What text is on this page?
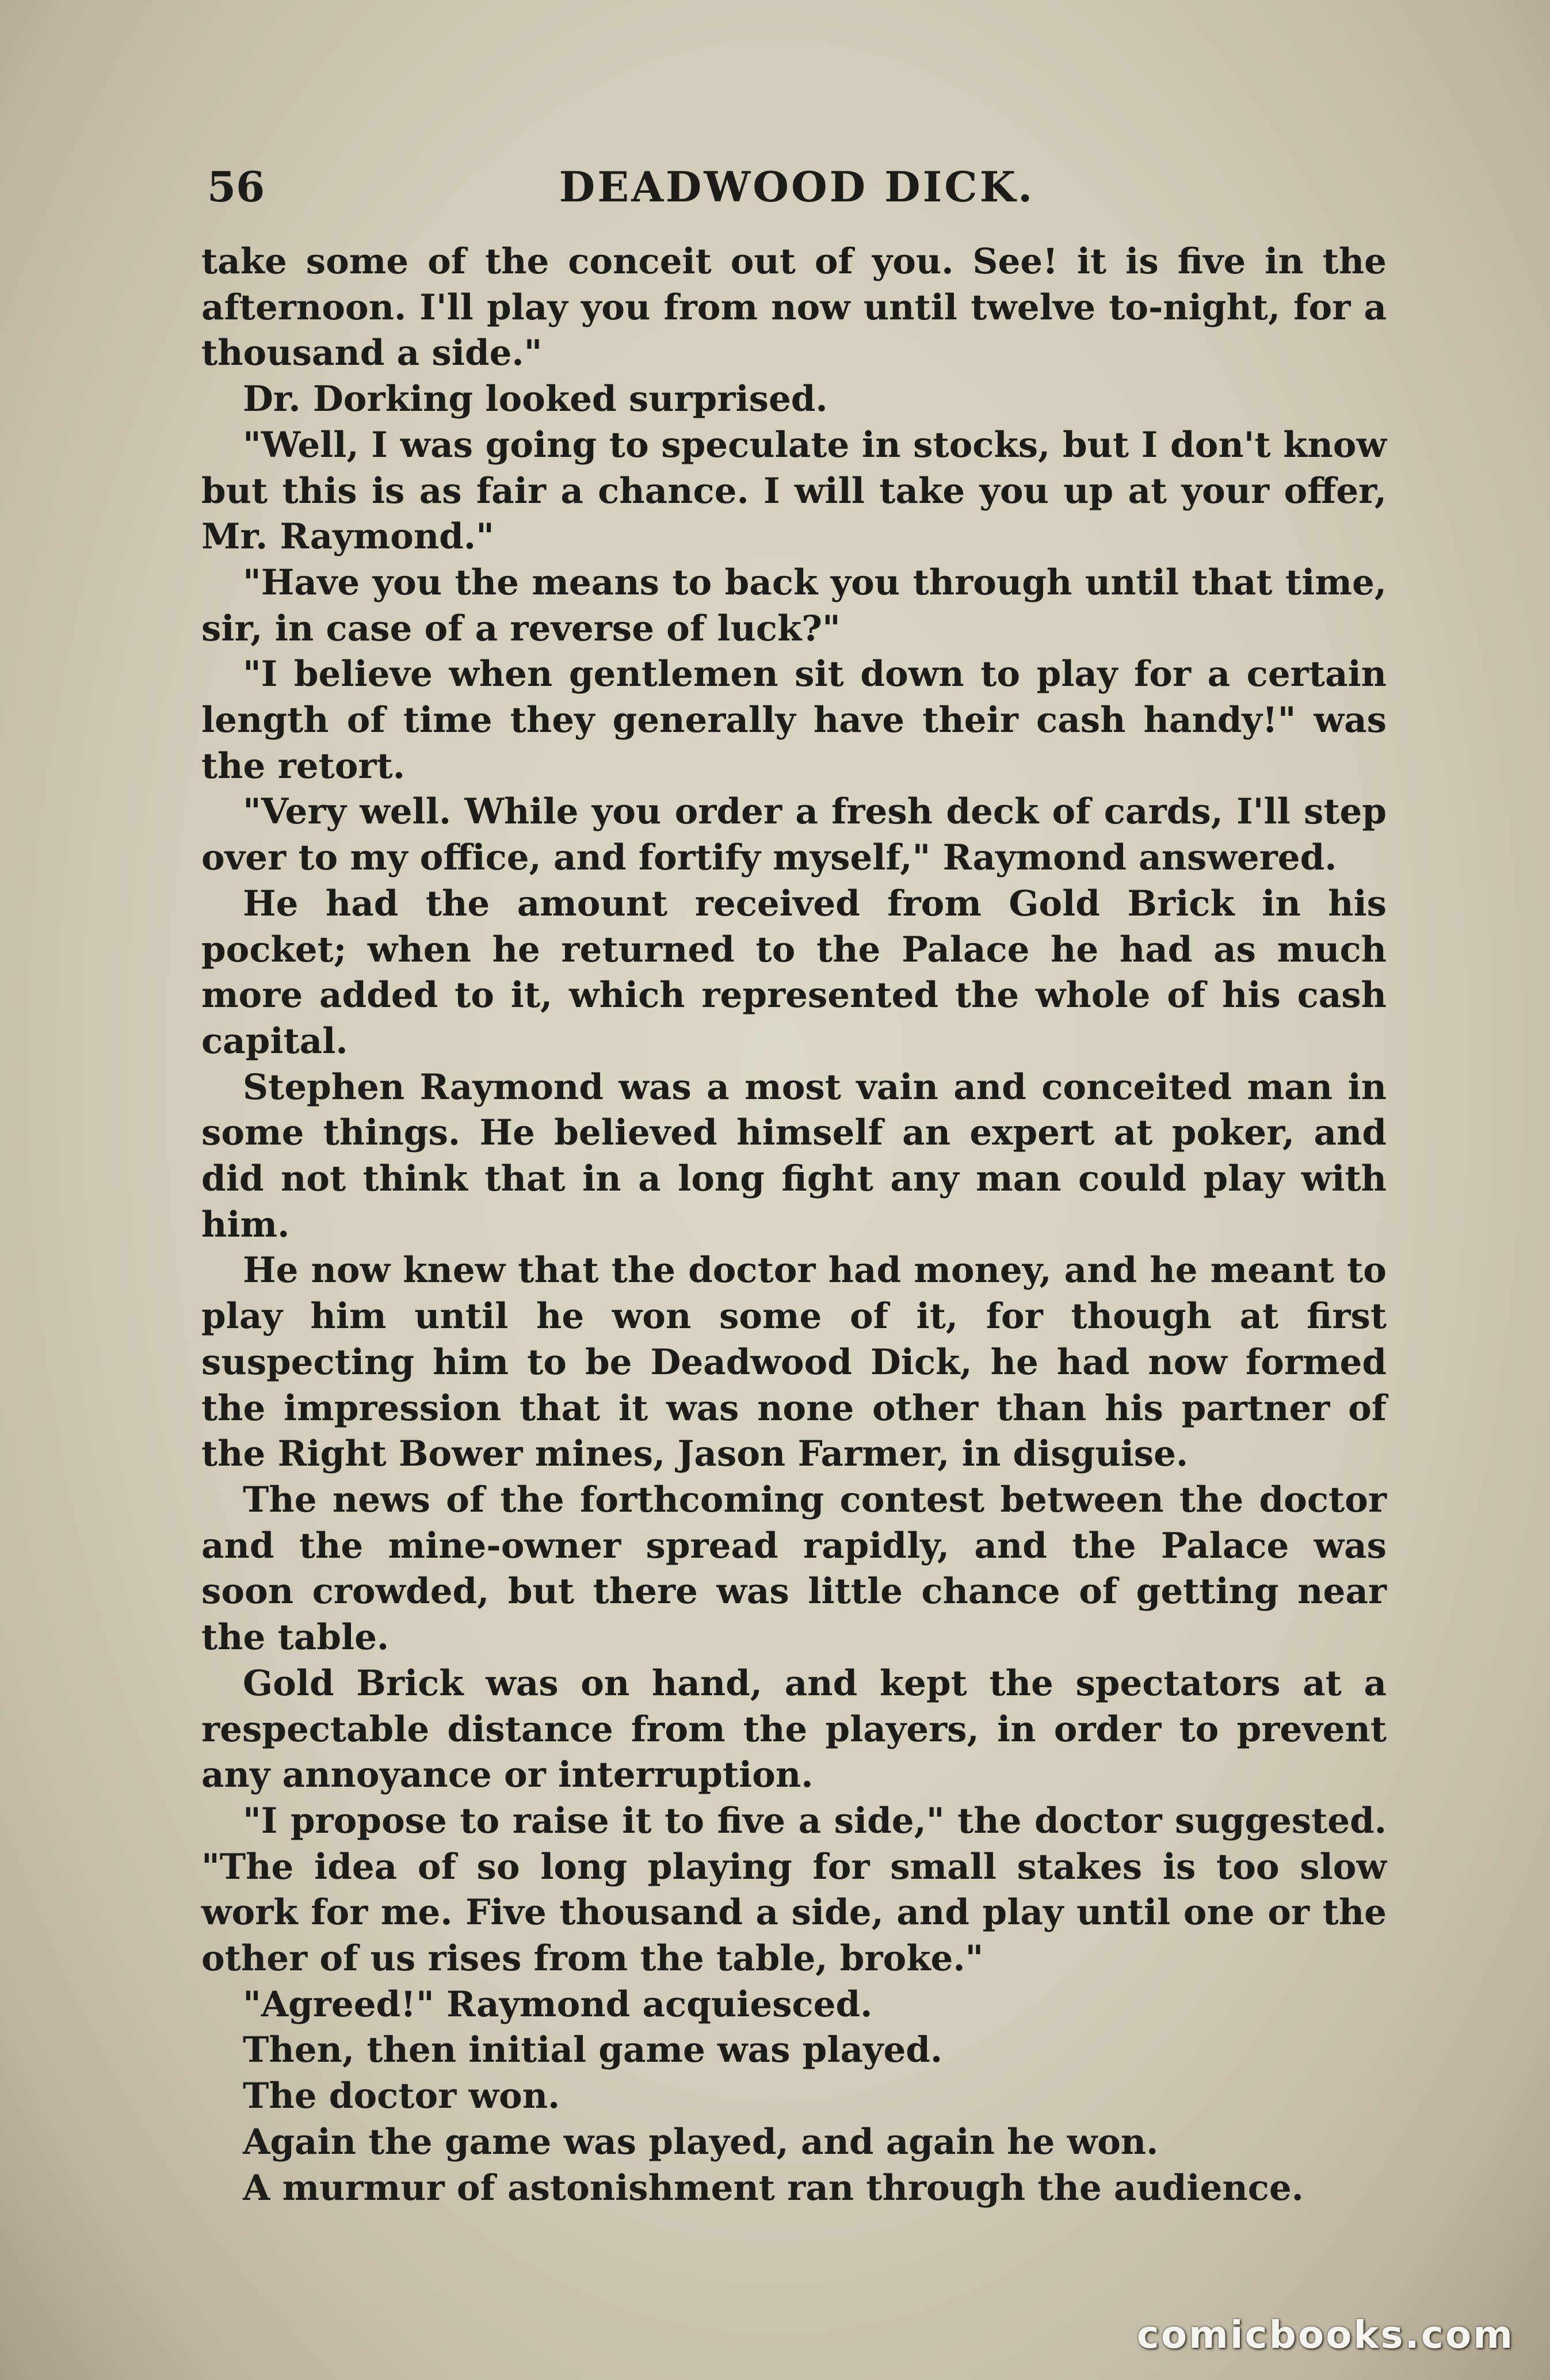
56	DEADWOOD DICK.

take some of the conceit out of you. See! it is five in the afternoon. I'll play you from now until twelve to-night, for a thousand a side."

Dr. Dorking looked surprised.

"Well, I was going to speculate in stocks, but I don't know but this is as fair a chance. I will take you up at your offer, Mr. Raymond."

"Have you the means to back you through until that time, sir, in case of a reverse of luck?"

"I believe when gentlemen sit down to play for a certain length of time they generally have their cash handy!" was the retort.

"Very well. While you order a fresh deck of cards, I'll step over to my office, and fortify myself," Raymond answered.

He had the amount received from Gold Brick in his pocket; when he returned to the Palace he had as much more added to it, which represented the whole of his cash capital.

Stephen Raymond was a most vain and conceited man in some things. He believed himself an expert at poker, and did not think that in a long fight any man could play with him.

He now knew that the doctor had money, and he meant to play him until he won some of it, for though at first suspecting him to be Deadwood Dick, he had now formed the impression that it was none other than his partner of the Right Bower mines, Jason Farmer, in disguise.

The news of the forthcoming contest between the doctor and the mine-owner spread rapidly, and the Palace was soon crowded, but there was little chance of getting near the table.

Gold Brick was on hand, and kept the spectators at a respectable distance from the players, in order to prevent any annoyance or interruption.

"I propose to raise it to five a side," the doctor suggested. "The idea of so long playing for small stakes is too slow work for me. Five thousand a side, and play until one or the other of us rises from the table, broke."

"Agreed!" Raymond acquiesced.

Then, then initial game was played.

The doctor won.

Again the game was played, and again he won.

A murmur of astonishment ran through the audience.

comicbooks.com
